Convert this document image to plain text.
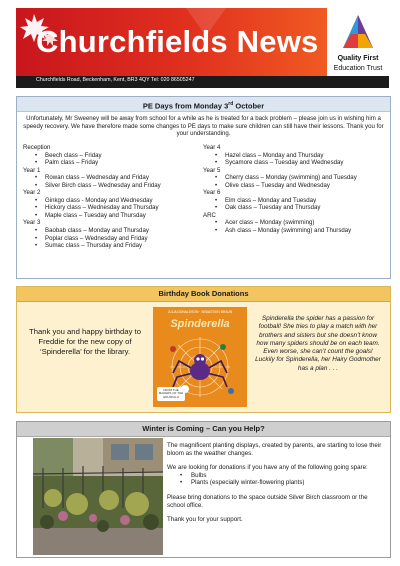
Churchfields News	Quality First
Education Trust
Churchfields Road, Beckenham, Kent, BR3 4QY Tel: 020 86505247
PE Days from Monday 3rd October
Unfortunately, Mr Sweeney will be away from school for a while as he is treated for a back problem – please join us in wishing him a speedy recovery. We have therefore made some changes to PE days to make sure children can still have their lessons. Thank you for your understanding.
Reception
• Beech class – Friday
• Palm class – Friday
Year 1
• Rowan class – Wednesday and Friday
• Silver Birch class – Wednesday and Friday
Year 2
• Ginkgo class - Monday and Wednesday
• Hickory class – Wednesday and Thursday
• Maple class – Tuesday and Thursday
Year 3
• Baobab class – Monday and Thursday
• Poplar class – Wednesday and Friday
• Sumac class – Thursday and Friday
Year 4
• Hazel class – Monday and Thursday
• Sycamore class – Tuesday and Wednesday
Year 5
• Cherry class – Monday (swimming) and Tuesday
• Olive class – Tuesday and Wednesday
Year 6
• Elm class – Monday and Tuesday
• Oak class – Tuesday and Thursday
ARC
• Acer class – Monday (swimming)
• Ash class – Monday (swimming) and Thursday
Birthday Book Donations
Thank you and happy birthday to Freddie for the new copy of ‘Spinderella’ for the library.
JULIA DONALDSON · SEBASTIEN BRAUN
Spinderella
FROM THE MAKERS OF THE GRUFFALO
Spinderella the spider has a passion for football! She tries to play a match with her brothers and sisters but she doesn’t know how many spiders should be on each team. Even worse, she can’t count the goals! Luckily for Spinderella, her Hairy Godmother has a plan . . .
Winter is Coming – Can you Help?

The magnificent planting displays, created by parents, are starting to lose their bloom as the weather changes.

We are looking for donations if you have any of the following going spare:

• Bulbs
• Plants (especially winter-flowering plants)

Please bring donations to the space outside Silver Birch classroom or the school office.

Thank you for your support.
